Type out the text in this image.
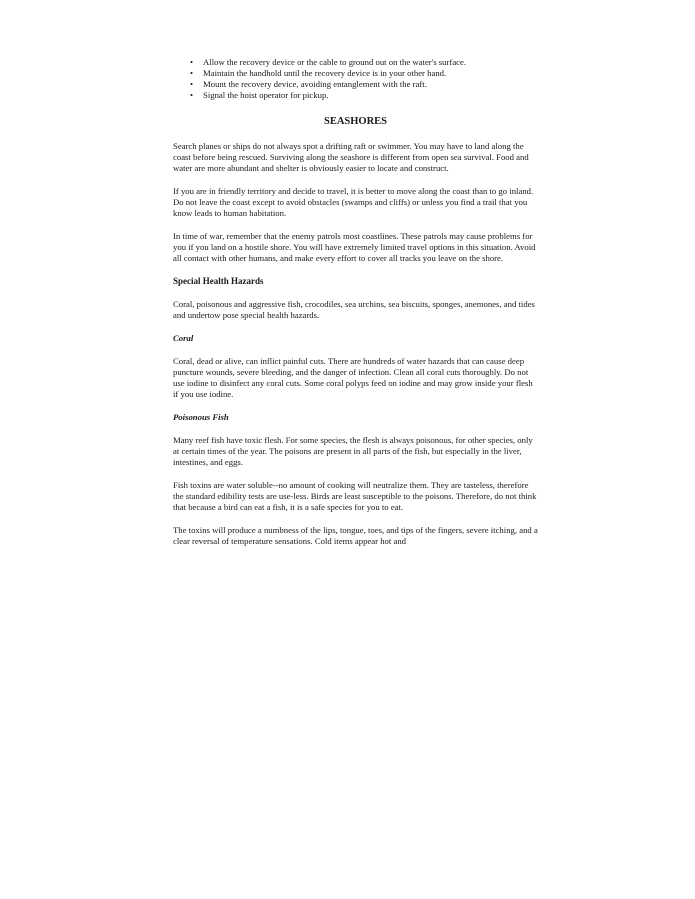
• Allow the recovery device or the cable to ground out on the water's surface.
• Maintain the handhold until the recovery device is in your other hand.
• Mount the recovery device, avoiding entanglement with the raft.
• Signal the hoist operator for pickup.
SEASHORES

Search planes or ships do not always spot a drifting raft or swimmer. You may have to land along the coast before being rescued. Surviving along the seashore is different from open sea survival. Food and water are more abundant and shelter is obviously easier to locate and construct.

If you are in friendly territory and decide to travel, it is better to move along the coast than to go inland. Do not leave the coast except to avoid obstacles (swamps and cliffs) or unless you find a trail that you know leads to human habitation.

In time of war, remember that the enemy patrols most coastlines. These patrols may cause problems for you if you land on a hostile shore. You will have extremely limited travel options in this situation. Avoid all contact with other humans, and make every effort to cover all tracks you leave on the shore.

Special Health Hazards

Coral, poisonous and aggressive fish, crocodiles, sea urchins, sea biscuits, sponges, anemones, and tides and undertow pose special health hazards.

Coral

Coral, dead or alive, can inflict painful cuts. There are hundreds of water hazards that can cause deep puncture wounds, severe bleeding, and the danger of infection. Clean all coral cuts thoroughly. Do not use iodine to disinfect any coral cuts. Some coral polyps feed on iodine and may grow inside your flesh if you use iodine.

Poisonous Fish

Many reef fish have toxic flesh. For some species, the flesh is always poisonous, for other species, only at certain times of the year. The poisons are present in all parts of the fish, but especially in the liver, intestines, and eggs.

Fish toxins are water soluble--no amount of cooking will neutralize them. They are tasteless, therefore the standard edibility tests are use-less. Birds are least susceptible to the poisons. Therefore, do not think that because a bird can eat a fish, it is a safe species for you to eat.

The toxins will produce a numbness of the lips, tongue, toes, and tips of the fingers, severe itching, and a clear reversal of temperature sensations. Cold items appear hot and
